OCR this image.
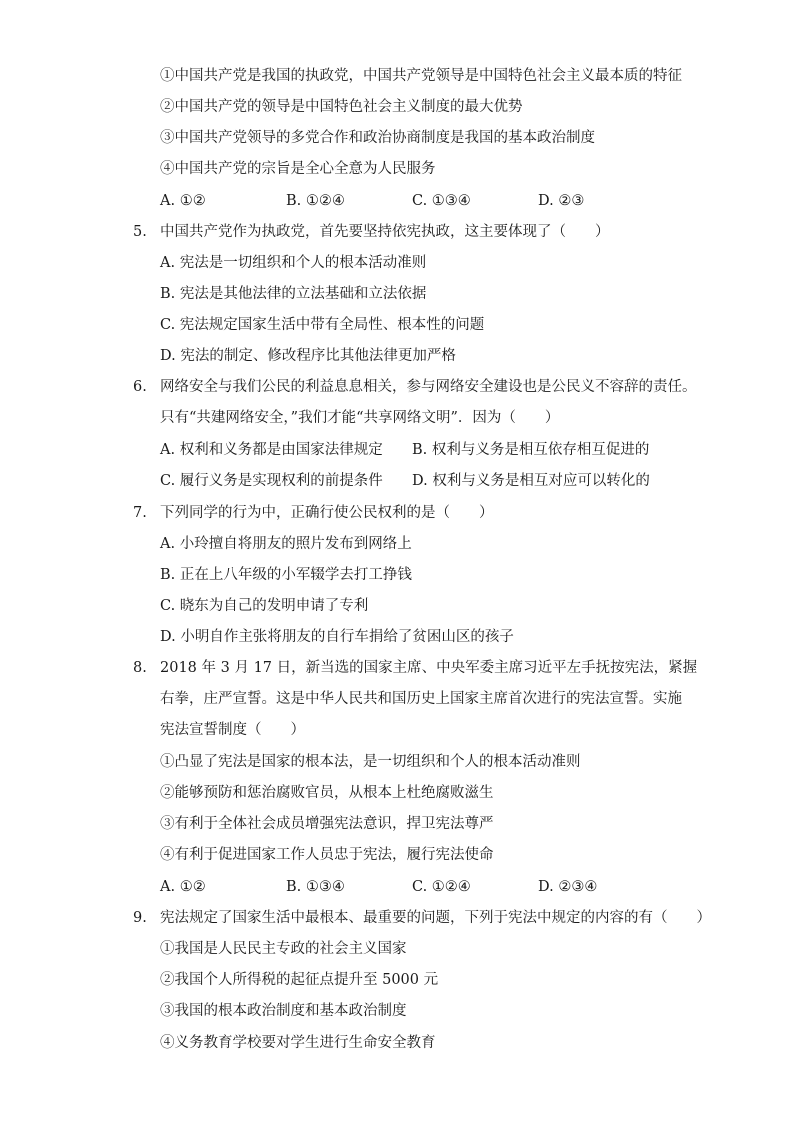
①中国共产党是我国的执政党，中国共产党领导是中国特色社会主义最本质的特征
②中国共产党的领导是中国特色社会主义制度的最大优势
③中国共产党领导的多党合作和政治协商制度是我国的基本政治制度
④中国共产党的宗旨是全心全意为人民服务
A. ①②	B. ①②④	C. ①③④	D. ②③
5. 中国共产党作为执政党，首先要坚持依宪执政，这主要体现了（　　）
A. 宪法是一切组织和个人的根本活动准则
B. 宪法是其他法律的立法基础和立法依据
C. 宪法规定国家生活中带有全局性、根本性的问题
D. 宪法的制定、修改程序比其他法律更加严格
6. 网络安全与我们公民的利益息息相关，参与网络安全建设也是公民义不容辞的责任。
只有“共建网络安全，”我们才能“共享网络文明”．因为（　　）
A. 权利和义务都是由国家法律规定 B. 权利与义务是相互依存相互促进的
C. 履行义务是实现权利的前提条件 D. 权利与义务是相互对应可以转化的
7. 下列同学的行为中，正确行使公民权利的是（　　）
A. 小玲擅自将朋友的照片发布到网络上
B. 正在上八年级的小军辍学去打工挣钱
C. 晓东为自己的发明申请了专利
D. 小明自作主张将朋友的自行车捐给了贫困山区的孩子
8. 2018 年 3 月 17 日，新当选的国家主席、中央军委主席习近平左手抚按宪法，紧握
右拳，庄严宣誓。这是中华人民共和国历史上国家主席首次进行的宪法宣誓。实施
宪法宣誓制度（　　）
①凸显了宪法是国家的根本法，是一切组织和个人的根本活动准则
②能够预防和惩治腐败官员，从根本上杜绝腐败滋生
③有利于全体社会成员增强宪法意识，捍卫宪法尊严
④有利于促进国家工作人员忠于宪法，履行宪法使命
A. ①②	B. ①③④	C. ①②④	D. ②③④
9. 宪法规定了国家生活中最根本、最重要的问题，下列于宪法中规定的内容的有（　　）
①我国是人民民主专政的社会主义国家
②我国个人所得税的起征点提升至 5000 元
③我国的根本政治制度和基本政治制度
④义务教育学校要对学生进行生命安全教育
